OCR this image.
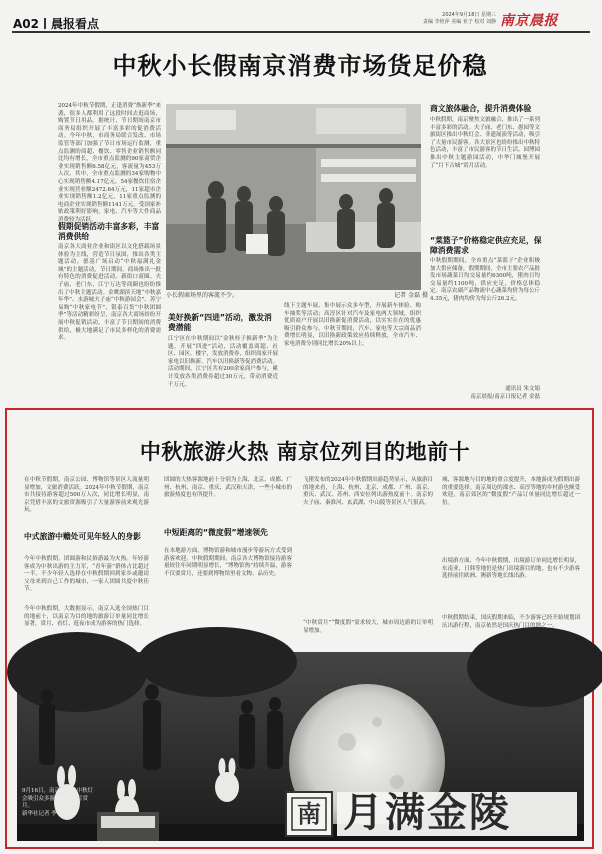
A02 晨报看点
2024年9月18日 星期三
责编 李艳萍 美编 亚子 校对 刘静 南京晨报
中秋小长假南京消费市场货足价稳
2024年中秋节假期，正逢消费“焕新季”来袭，很多人都利用了这段时间去逛商场，购置节日用品。据统计，节日期间南京市商务局组织开展了丰富多彩的促消费活动。今年中秋，市商务局联合发改、市场监管等部门加强了节日市场运行监测，重点监测的商超、餐饮、零售企业销售额同比均有增长，全市重点监测的90家商贸企业实现销售额6.58亿元，客流量为453万人次。其中，全市重点监测的34家购物中心实现销售额4.17亿元，54家餐饮住宿企业实现营业额2472.64万元，11家超市企业实现销售额1.2亿元，11家重点监测的电商企业实现销售额1141万元。受国家补贴政策利好影响，家电、汽车等大件商品消费较为活跃。
假期促销活动丰富多彩，丰富消费供给
南京各大商业企业和街区以文化搭载场景体验为主线，营造节日氛围，推出各类主题活动。德基广场启动“中秋福满礼金城”的主题活动，节日期间，商场推出一批有特色的消费促进活动。新街口商圈、夫子庙、老门东、江宁万达等商圈也纷纷推出了中秋主题活动。金鹰湖滨天地“中秋嘉年华”、水游城夫子庙“中秋游园会”、苏宁易购“中秋家电节”、银泰百货“中秋团圆季”等活动精彩纷呈，南京各大商场纷纷开展中秋促销活动，丰富了节日期间的消费供给，极大地满足了市民多样化的消费需求。
小长假商场里的客流不少。	记者 金磊 摄
美好换新“四进”活动，激发消费潜能
江宁区在中秋期间以“金秋桂子换新季”为主题，开展“四进”活动，活动覆盖商超、社区、园区、楼宇，发放消费券，组织商家开展家电以旧换新、汽车以旧换新等促消费活动。活动期间，江宁区共有200余家商户参与，累计发放各类消费券超过30万元，带动消费近千万元。
线下主题车展、集中展示众多车型，开展新车体验、购车抽奖等活动；高淳区针对汽车及家电两大领域，组织优质商户开展以旧换新促消费活动，以实实在在的优惠吸引群众参与。中秋节期间，汽车、家电等大宗商品消费增长明显，以旧换新政策效应持续释放，全市汽车、家电消费分别同比增长20%以上。
商文旅体融合，提升消费体验
中秋假期，南京聚焦文旅融合，推出了一系列丰富多彩的活动。夫子庙、老门东、愚园等文旅街区推出中秋灯会、非遗展演等活动，吸引了大量市民游客。各大景区也纷纷推出中秋特色活动，丰富了市民游客的节日生活。园博园推出中秋主题游园活动，中华门城堡开展了“月下古城”赏月活动。
“菜篮子”价格稳定供应充足，保障消费需求
中秋假期期间，全市重点“菜篮子”企业积极加大供应储备，假期期间，全市主要农产品批发市场蔬菜日均交易量约6300吨，猪肉日均交易量约1100吨，供应充足，价格总体稳定。南京农副产品物流中心蔬菜均价为每公斤4.35元，猪肉均价为每公斤26.2元。
通讯员 朱文娟
南京晨报/南京日报记者 金磊
中秋旅游火热 南京位列目的地前十
在中秋节假期，南京公园、博物馆等景区人流量明显增加，文旅消费活跃。2024年中秋节假期，南京市共接待游客超过500万人次，同比增长明显，南京凭借丰富的文旅资源吸引了大量游客前来观光游玩。
中式旅游中赡处可见年轻人的身影
今年中秋假期，团圆游和民俗游最为火热。年轻游客成为中秋出游的主力军，“青年游”群体占比超过一半。不少年轻人选择在中秋假期回到家乡或邀请父母来到自己工作的城市，一家人团圆共度中秋佳节。
今年中秋假期，大数据显示，南京入选全国热门目的地前十，以南京为目的地的旅游订单量同比增长显著，赏月、看灯、逛夜市成为游客的热门选择。
团圆的大热客源地前十分别为上海、北京、成都、广州、杭州、南京、重庆、武汉和天津，一些小城市的旅游热度也有所提升。
中短距离的“微度假”增速领先
在本地游方面，博物馆游和城市漫步等游玩方式受到游客欢迎，中秋假期期间，南京各大博物馆接待游客量较往年同期明显增长，“博物馆热”持续升温，游客不仅要赏月，还要到博物馆里看文物、品历史。
飞猪发布的2024年中秋假期出游趋势显示，从旅游目的地来看，上海、杭州、北京、成都、广州、南京、重庆、武汉、苏州、西安位列出游热度前十。南京的夫子庙、秦淮河、玄武湖、中山陵等景区人气很高。
“中秋赏月”“微度假”需求较大，城市周边游的订单明显增加。
城，客源地与目的地的重合度提升，本地游成为假期出游的重要选择。南京周边的溧水、高淳等地的乡村游也颇受欢迎，南京郊区的“微度假”产品订单量同比增长超过一倍。
出境游方面，今年中秋假期，出境游订单同比增长明显，东南亚、日韩等地仍是热门出境游目的地，也有不少游客选择前往欧洲、澳新等地长线出游。
中秋假期结束，国庆假期来临，不少游客已经开始规划国庆出游行程，南京依然是国庆热门目的地之一。
南 月满金陵
9月16日，南京博物院中秋灯会吸引众多游客前来观灯赏月。
新华社记者 季春鹏 摄
